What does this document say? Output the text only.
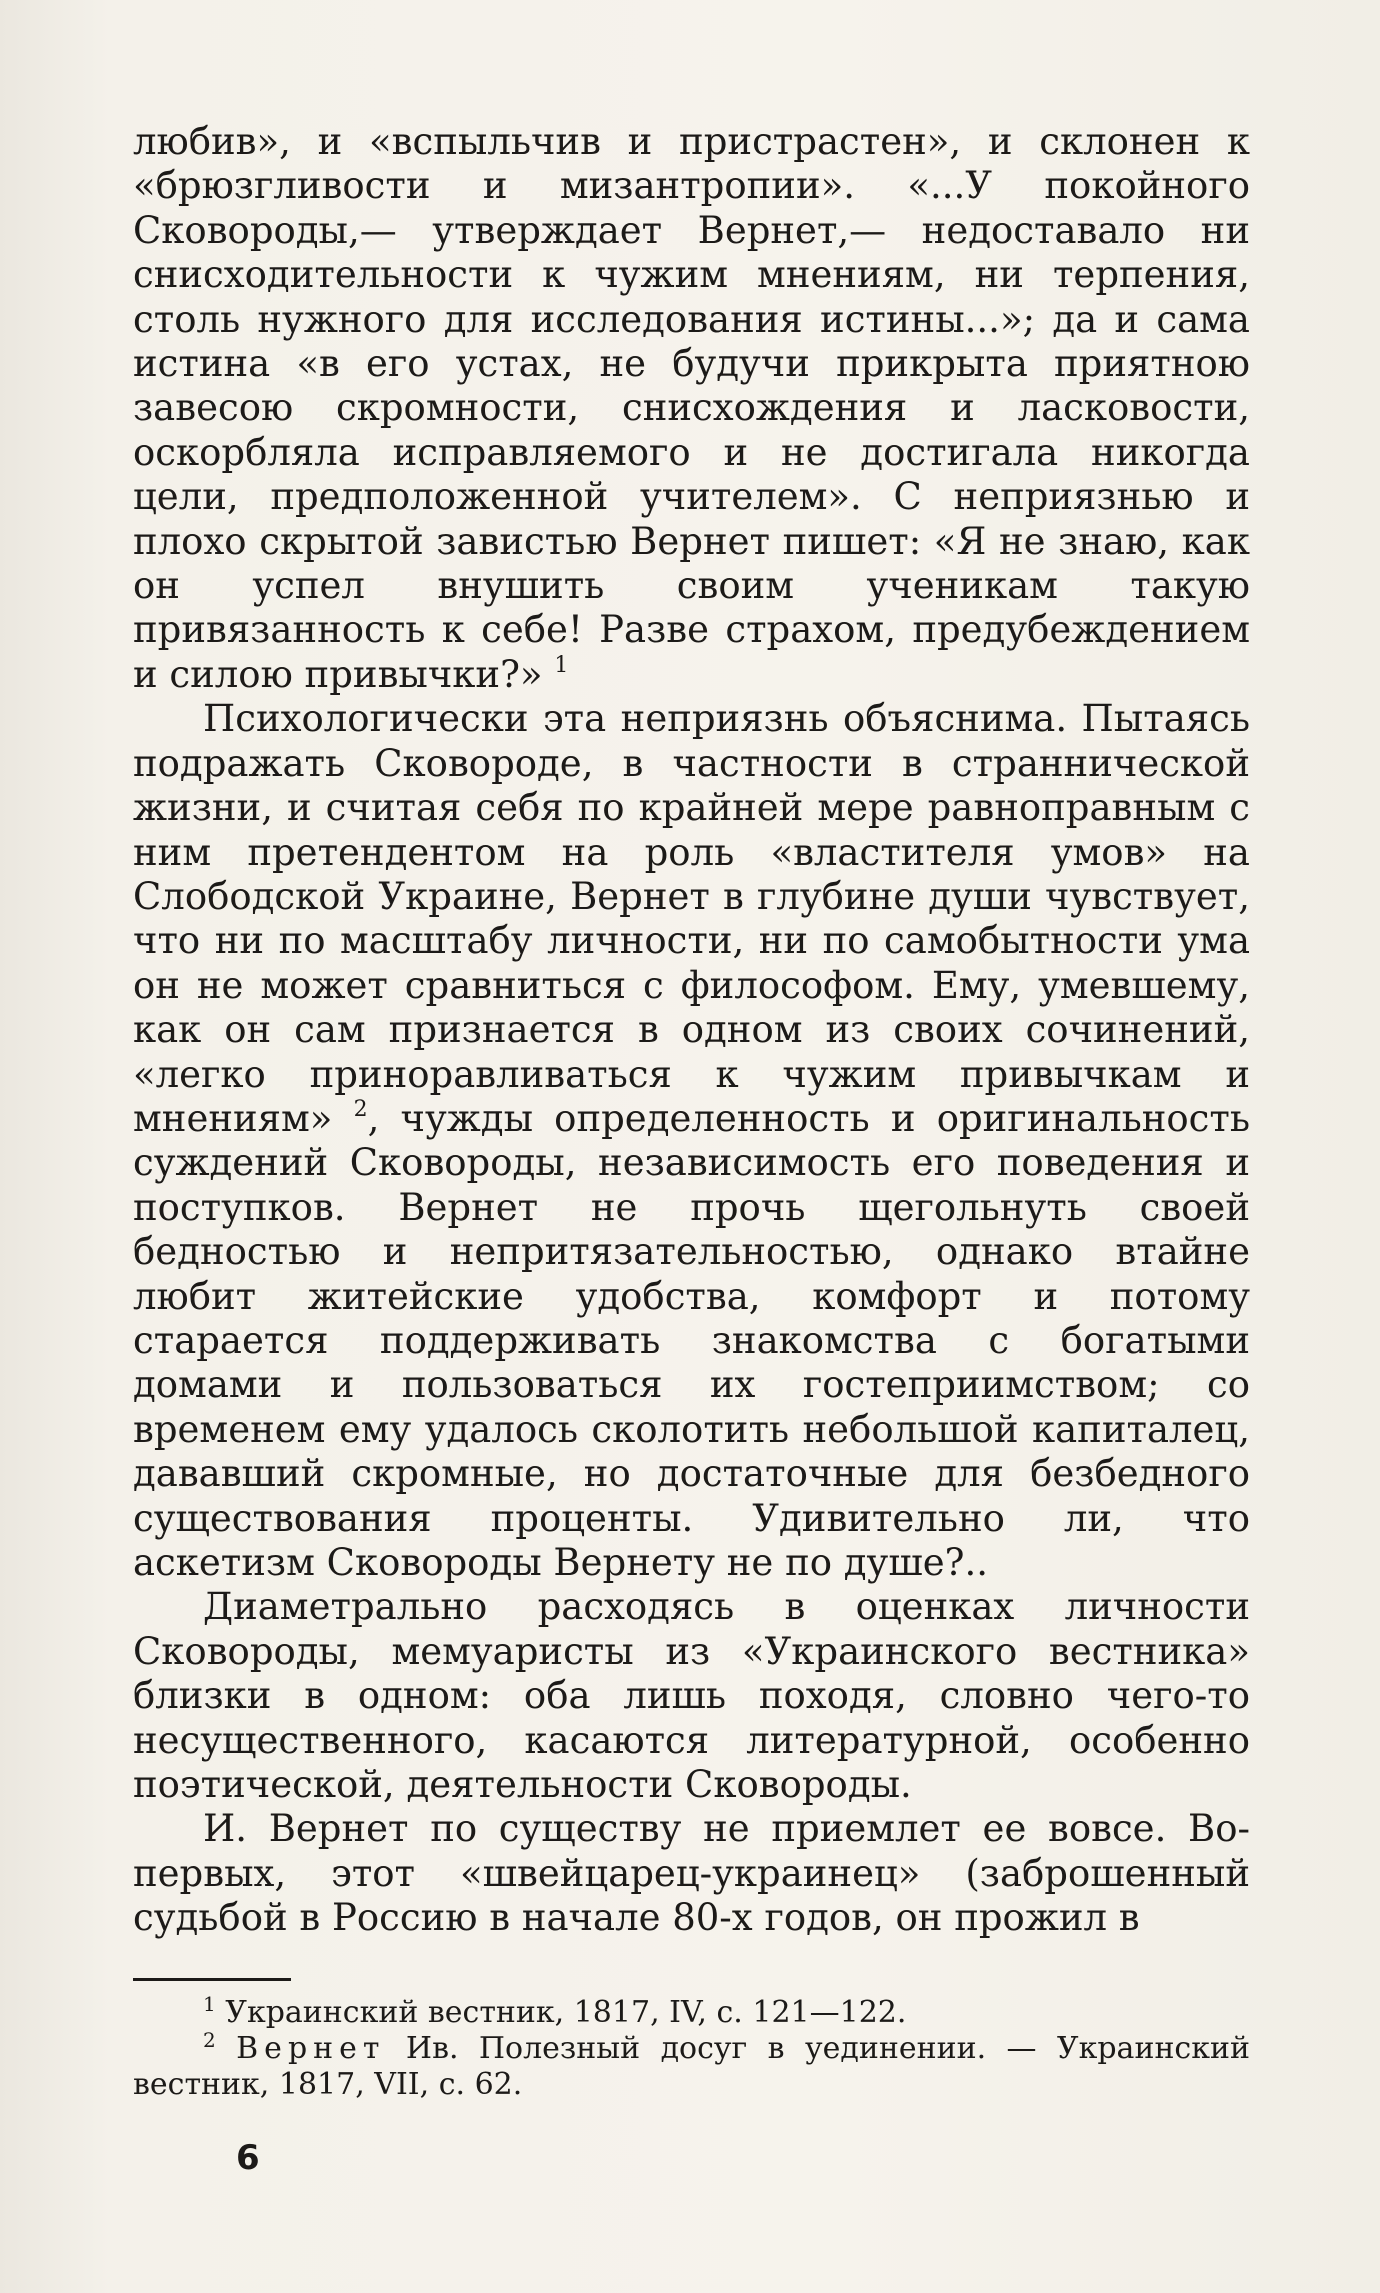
любив», и «вспыльчив и пристрастен», и склонен к «брюзгливости и мизантропии». «...У покойного Сковороды,— утверждает Вернет,— недоставало ни снисходительности к чужим мнениям, ни терпения, столь нужного для исследования истины...»; да и сама истина «в его устах, не будучи прикрыта приятною завесою скромности, снисхождения и ласковости, оскорбляла исправляемого и не достигала никогда цели, предположенной учителем». С неприязнью и плохо скрытой завистью Вернет пишет: «Я не знаю, как он успел внушить своим ученикам такую привязанность к себе! Разве страхом, предубеждением и силою привычки?» $^1$

Психологически эта неприязнь объяснима. Пытаясь подражать Сковороде, в частности в страннической жизни, и считая себя по крайней мере равноправным с ним претендентом на роль «властителя умов» на Слободской Украине, Вернет в глубине души чувствует, что ни по масштабу личности, ни по самобытности ума он не может сравниться с философом. Ему, умевшему, как он сам признается в одном из своих сочинений, «легко приноравливаться к чужим привычкам и мнениям» $^2$, чужды определенность и оригинальность суждений Сковороды, независимость его поведения и поступков. Вернет не прочь щегольнуть своей бедностью и непритязательностью, однако втайне любит житейские удобства, комфорт и потому старается поддерживать знакомства с богатыми домами и пользоваться их гостеприимством; со временем ему удалось сколотить небольшой капиталец, дававший скромные, но достаточные для безбедного существования проценты. Удивительно ли, что аскетизм Сковороды Вернету не по душе?..

Диаметрально расходясь в оценках личности Сковороды, мемуаристы из «Украинского вестника» близки в одном: оба лишь походя, словно чего-то несущественного, касаются литературной, особенно поэтической, деятельности Сковороды.

И. Вернет по существу не приемлет ее вовсе. Во-первых, этот «швейцарец-украинец» (заброшенный судьбой в Россию в начале 80-х годов, он прожил в

$^1$ Украинский вестник, 1817, IV, с. 121—122.

$^2$ Вернет Ив. Полезный досуг в уединении. — Украинский вестник, 1817, VII, с. 62.

6
